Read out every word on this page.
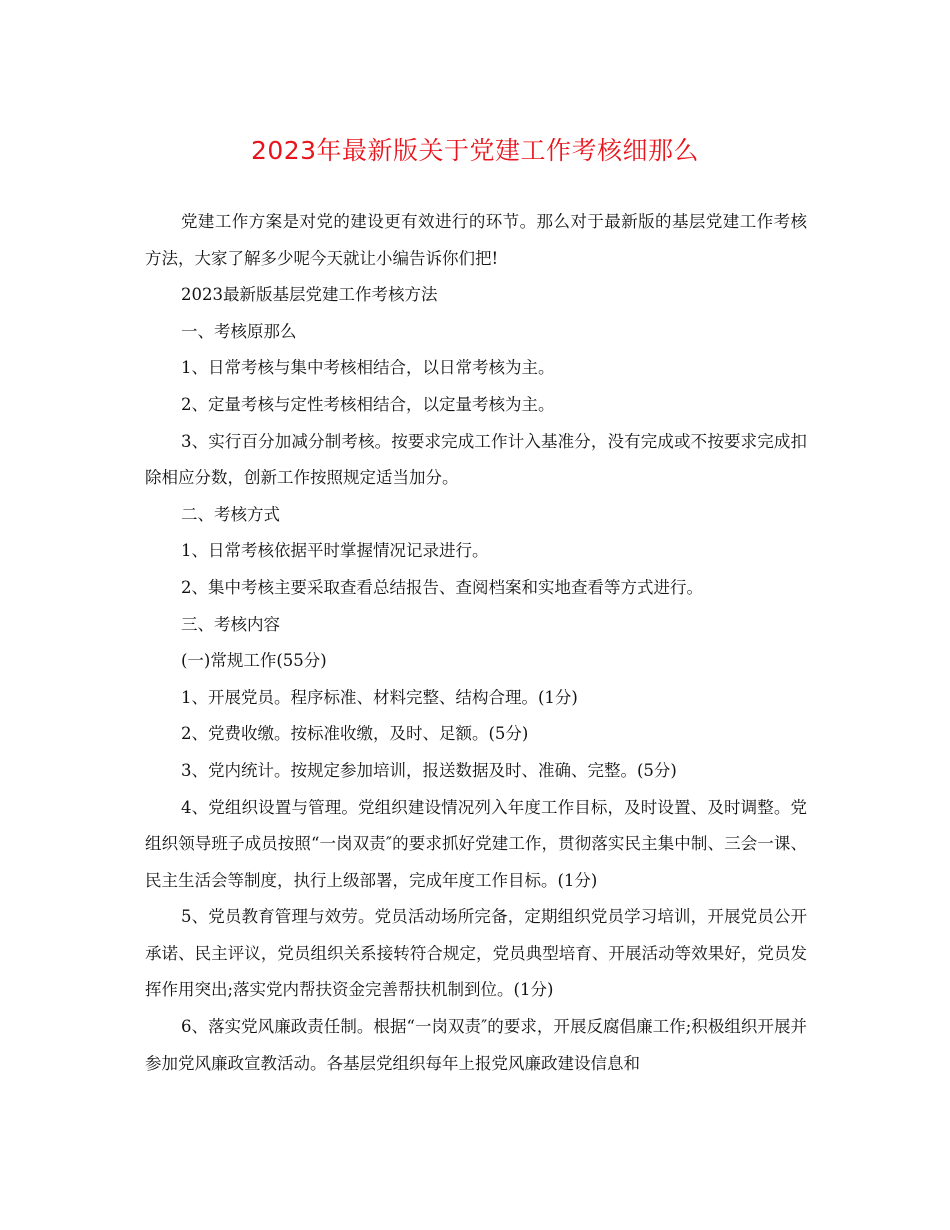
2023年最新版关于党建工作考核细那么

党建工作方案是对党的建设更有效进行的环节。那么对于最新版的基层党建工作考核方法，大家了解多少呢今天就让小编告诉你们把!

2023最新版基层党建工作考核方法

一、考核原那么

1、日常考核与集中考核相结合，以日常考核为主。

2、定量考核与定性考核相结合，以定量考核为主。

3、实行百分加减分制考核。按要求完成工作计入基准分，没有完成或不按要求完成扣除相应分数，创新工作按照规定适当加分。

二、考核方式

1、日常考核依据平时掌握情况记录进行。

2、集中考核主要采取查看总结报告、查阅档案和实地查看等方式进行。

三、考核内容

(一)常规工作(55分)

1、开展党员。程序标准、材料完整、结构合理。(1分)

2、党费收缴。按标准收缴，及时、足额。(5分)

3、党内统计。按规定参加培训，报送数据及时、准确、完整。(5分)

4、党组织设置与管理。党组织建设情况列入年度工作目标，及时设置、及时调整。党组织领导班子成员按照“一岗双责″的要求抓好党建工作，贯彻落实民主集中制、三会一课、民主生活会等制度，执行上级部署，完成年度工作目标。(1分)

5、党员教育管理与效劳。党员活动场所完备，定期组织党员学习培训，开展党员公开承诺、民主评议，党员组织关系接转符合规定，党员典型培育、开展活动等效果好，党员发挥作用突出;落实党内帮扶资金完善帮扶机制到位。(1分)

6、落实党风廉政责任制。根据“一岗双责″的要求，开展反腐倡廉工作;积极组织开展并参加党风廉政宣教活动。各基层党组织每年上报党风廉政建设信息和
